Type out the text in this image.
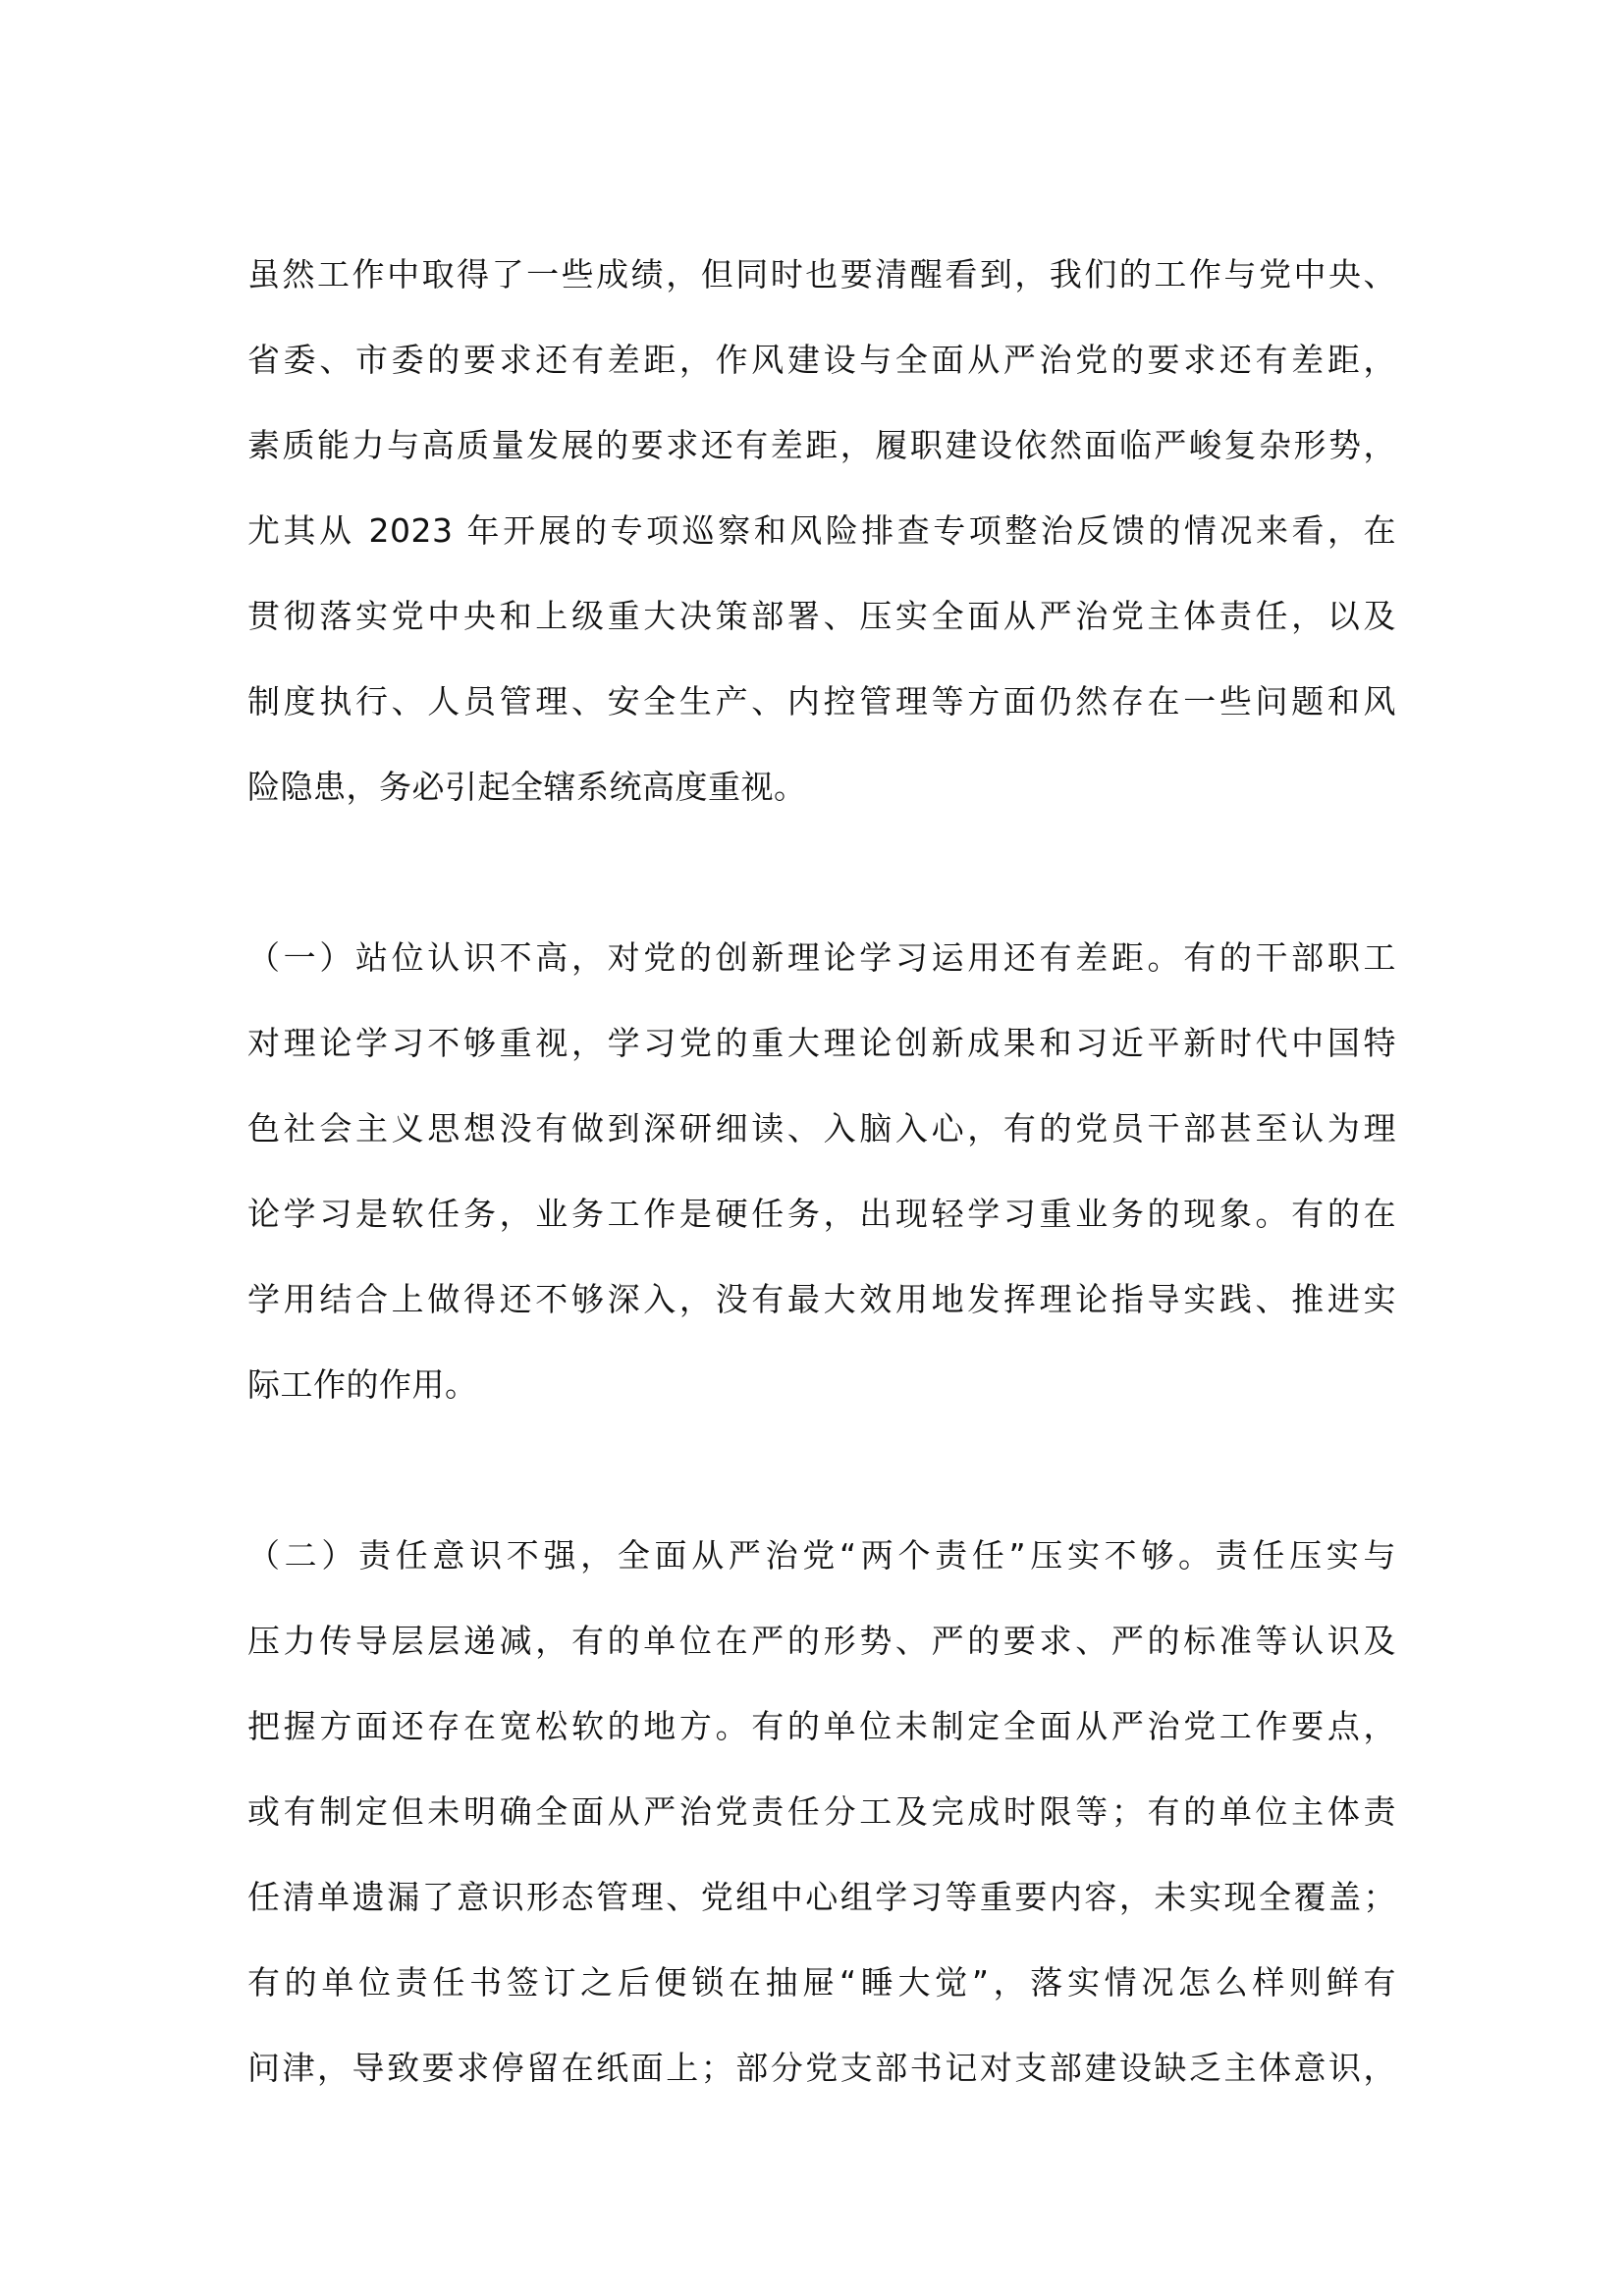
虽然工作中取得了一些成绩，但同时也要清醒看到，我们的工作与党中央、
省委、市委的要求还有差距，作风建设与全面从严治党的要求还有差距，
素质能力与高质量发展的要求还有差距，履职建设依然面临严峻复杂形势，
尤其从 2023 年开展的专项巡察和风险排查专项整治反馈的情况来看，在
贯彻落实党中央和上级重大决策部署、压实全面从严治党主体责任，以及
制度执行、人员管理、安全生产、内控管理等方面仍然存在一些问题和风
险隐患，务必引起全辖系统高度重视。
（一）站位认识不高，对党的创新理论学习运用还有差距。有的干部职工
对理论学习不够重视，学习党的重大理论创新成果和习近平新时代中国特
色社会主义思想没有做到深研细读、入脑入心，有的党员干部甚至认为理
论学习是软任务，业务工作是硬任务，出现轻学习重业务的现象。有的在
学用结合上做得还不够深入，没有最大效用地发挥理论指导实践、推进实
际工作的作用。
（二）责任意识不强，全面从严治党“两个责任”压实不够。责任压实与
压力传导层层递减，有的单位在严的形势、严的要求、严的标准等认识及
把握方面还存在宽松软的地方。有的单位未制定全面从严治党工作要点，
或有制定但未明确全面从严治党责任分工及完成时限等；有的单位主体责
任清单遗漏了意识形态管理、党组中心组学习等重要内容，未实现全覆盖；
有的单位责任书签订之后便锁在抽屉“睡大觉”，落实情况怎么样则鲜有
问津，导致要求停留在纸面上；部分党支部书记对支部建设缺乏主体意识，
